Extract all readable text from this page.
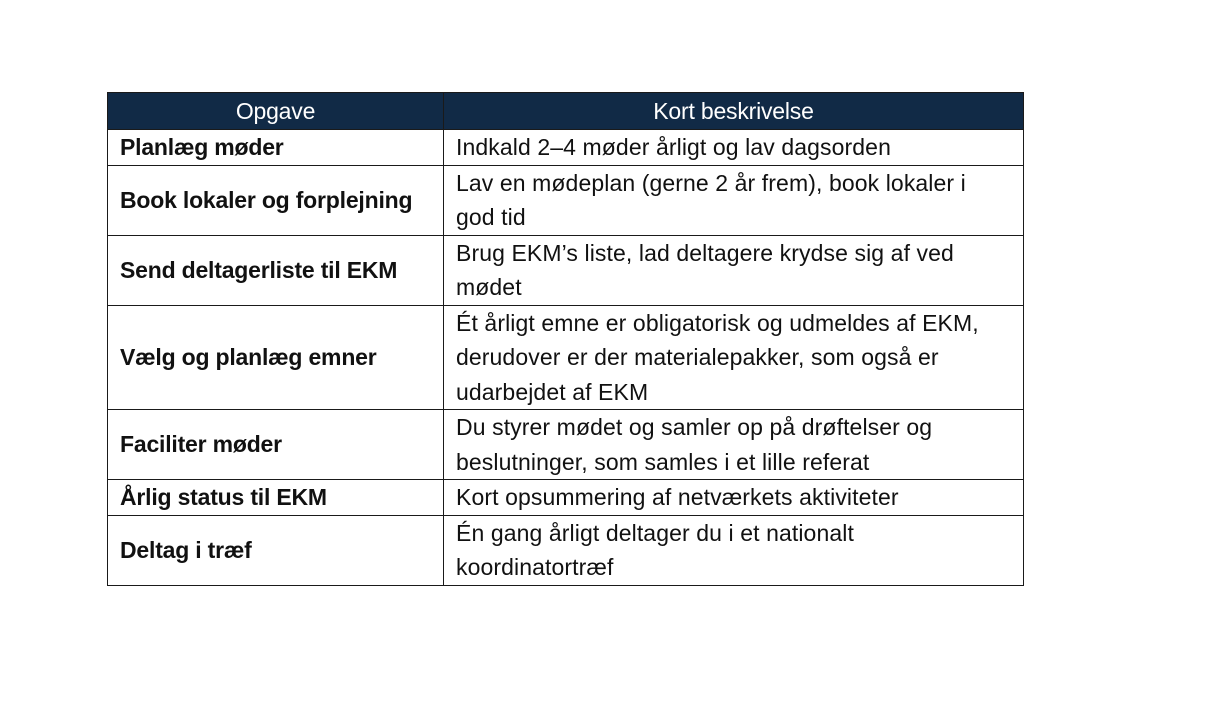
Opgave	Kort beskrivelse
Planlæg møder	Indkald 2–4 møder årligt og lav dagsorden
Book lokaler og forplejning	Lav en mødeplan (gerne 2 år frem), book lokaler i god tid
Send deltagerliste til EKM	Brug EKM’s liste, lad deltagere krydse sig af ved mødet
Vælg og planlæg emner	Ét årligt emne er obligatorisk og udmeldes af EKM, derudover er der materialepakker, som også er udarbejdet af EKM
Faciliter møder	Du styrer mødet og samler op på drøftelser og beslutninger, som samles i et lille referat
Årlig status til EKM	Kort opsummering af netværkets aktiviteter
Deltag i træf	Én gang årligt deltager du i et nationalt koordinatortræf
